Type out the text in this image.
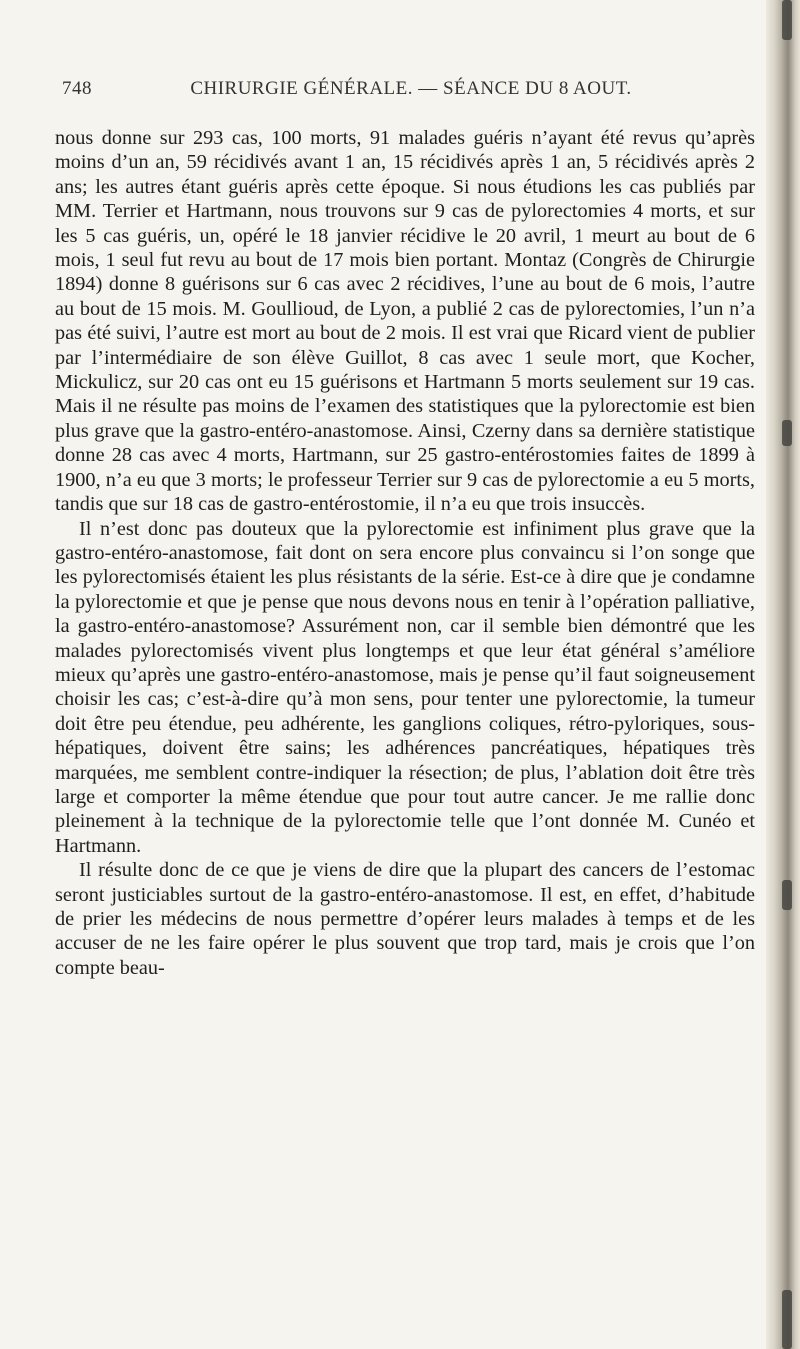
748	CHIRURGIE GÉNÉRALE. — SÉANCE DU 8 AOUT.

nous donne sur 293 cas, 100 morts, 91 malades guéris n’ayant été revus qu’après moins d’un an, 59 récidivés avant 1 an, 15 récidivés après 1 an, 5 récidivés après 2 ans; les autres étant guéris après cette époque. Si nous étudions les cas publiés par MM. Terrier et Hartmann, nous trouvons sur 9 cas de pylorectomies 4 morts, et sur les 5 cas guéris, un, opéré le 18 janvier récidive le 20 avril, 1 meurt au bout de 6 mois, 1 seul fut revu au bout de 17 mois bien portant. Montaz (Congrès de Chirurgie 1894) donne 8 guérisons sur 6 cas avec 2 récidives, l’une au bout de 6 mois, l’autre au bout de 15 mois. M. Goullioud, de Lyon, a publié 2 cas de pylorectomies, l’un n’a pas été suivi, l’autre est mort au bout de 2 mois. Il est vrai que Ricard vient de publier par l’intermédiaire de son élève Guillot, 8 cas avec 1 seule mort, que Kocher, Mickulicz, sur 20 cas ont eu 15 guérisons et Hartmann 5 morts seulement sur 19 cas. Mais il ne résulte pas moins de l’examen des statistiques que la pylorectomie est bien plus grave que la gastro-entéro-anastomose. Ainsi, Czerny dans sa dernière statistique donne 28 cas avec 4 morts, Hartmann, sur 25 gastro-entérostomies faites de 1899 à 1900, n’a eu que 3 morts; le professeur Terrier sur 9 cas de pylorectomie a eu 5 morts, tandis que sur 18 cas de gastro-entérostomie, il n’a eu que trois insuccès.

Il n’est donc pas douteux que la pylorectomie est infiniment plus grave que la gastro-entéro-anastomose, fait dont on sera encore plus convaincu si l’on songe que les pylorectomisés étaient les plus résistants de la série. Est-ce à dire que je condamne la pylorectomie et que je pense que nous devons nous en tenir à l’opération palliative, la gastro-entéro-anastomose? Assurément non, car il semble bien démontré que les malades pylorectomisés vivent plus longtemps et que leur état général s’améliore mieux qu’après une gastro-entéro-anastomose, mais je pense qu’il faut soigneusement choisir les cas; c’est-à-dire qu’à mon sens, pour tenter une pylorectomie, la tumeur doit être peu étendue, peu adhérente, les ganglions coliques, rétro-pyloriques, sous-hépatiques, doivent être sains; les adhérences pancréatiques, hépatiques très marquées, me semblent contre-indiquer la résection; de plus, l’ablation doit être très large et comporter la même étendue que pour tout autre cancer. Je me rallie donc pleinement à la technique de la pylorectomie telle que l’ont donnée M. Cunéo et Hartmann.

Il résulte donc de ce que je viens de dire que la plupart des cancers de l’estomac seront justiciables surtout de la gastro-entéro-anastomose. Il est, en effet, d’habitude de prier les médecins de nous permettre d’opérer leurs malades à temps et de les accuser de ne les faire opérer le plus souvent que trop tard, mais je crois que l’on compte beau-
